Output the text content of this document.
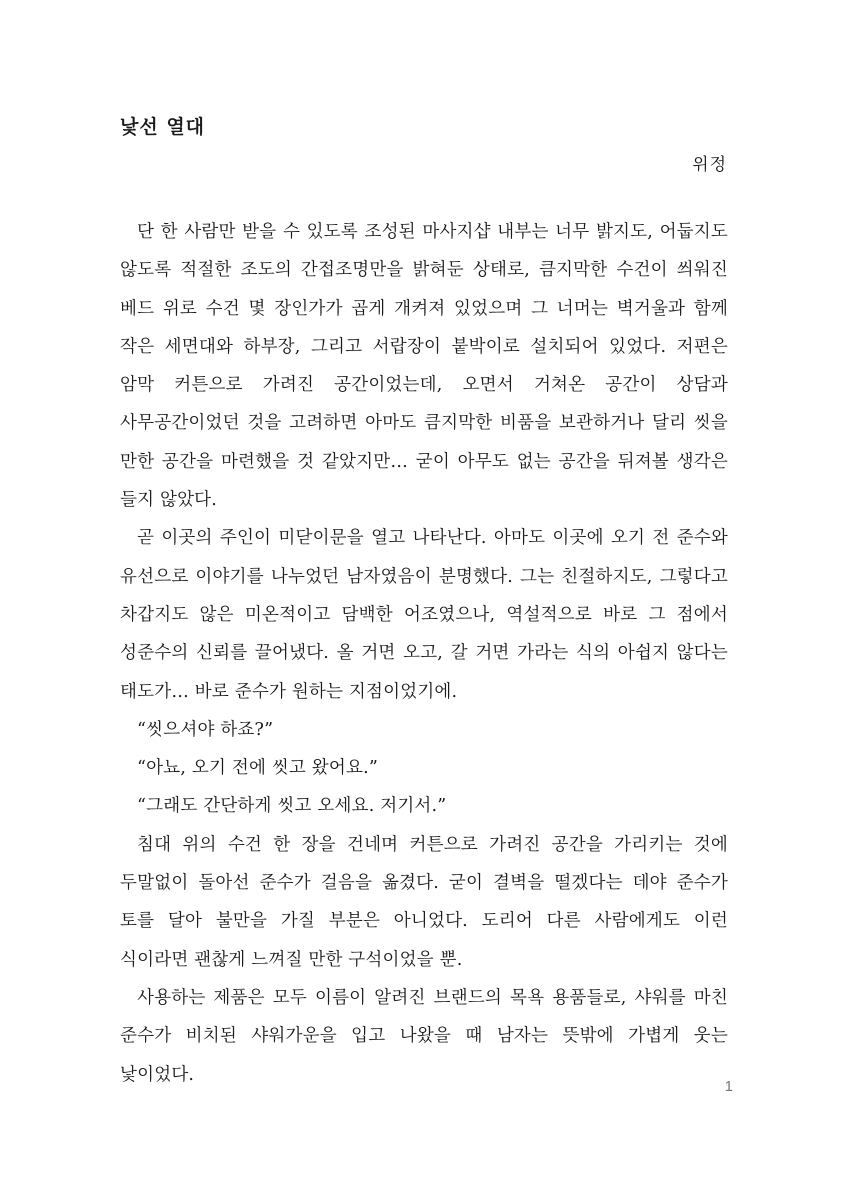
낯선 열대

위정

단 한 사람만 받을 수 있도록 조성된 마사지샵 내부는 너무 밝지도, 어둡지도 않도록 적절한 조도의 간접조명만을 밝혀둔 상태로, 큼지막한 수건이 씌워진 베드 위로 수건 몇 장인가가 곱게 개켜져 있었으며 그 너머는 벽거울과 함께 작은 세면대와 하부장, 그리고 서랍장이 붙박이로 설치되어 있었다. 저편은 암막 커튼으로 가려진 공간이었는데, 오면서 거쳐온 공간이 상담과 사무공간이었던 것을 고려하면 아마도 큼지막한 비품을 보관하거나 달리 씻을 만한 공간을 마련했을 것 같았지만… 굳이 아무도 없는 공간을 뒤져볼 생각은 들지 않았다.

곧 이곳의 주인이 미닫이문을 열고 나타난다. 아마도 이곳에 오기 전 준수와 유선으로 이야기를 나누었던 남자였음이 분명했다. 그는 친절하지도, 그렇다고 차갑지도 않은 미온적이고 담백한 어조였으나, 역설적으로 바로 그 점에서 성준수의 신뢰를 끌어냈다. 올 거면 오고, 갈 거면 가라는 식의 아쉽지 않다는 태도가… 바로 준수가 원하는 지점이었기에.

“씻으셔야 하죠?”

“아뇨, 오기 전에 씻고 왔어요.”

“그래도 간단하게 씻고 오세요. 저기서.”

침대 위의 수건 한 장을 건네며 커튼으로 가려진 공간을 가리키는 것에 두말없이 돌아선 준수가 걸음을 옮겼다. 굳이 결벽을 떨겠다는 데야 준수가 토를 달아 불만을 가질 부분은 아니었다. 도리어 다른 사람에게도 이런 식이라면 괜찮게 느껴질 만한 구석이었을 뿐.

사용하는 제품은 모두 이름이 알려진 브랜드의 목욕 용품들로, 샤워를 마친 준수가 비치된 샤워가운을 입고 나왔을 때 남자는 뜻밖에 가볍게 웃는 낯이었다.

1
